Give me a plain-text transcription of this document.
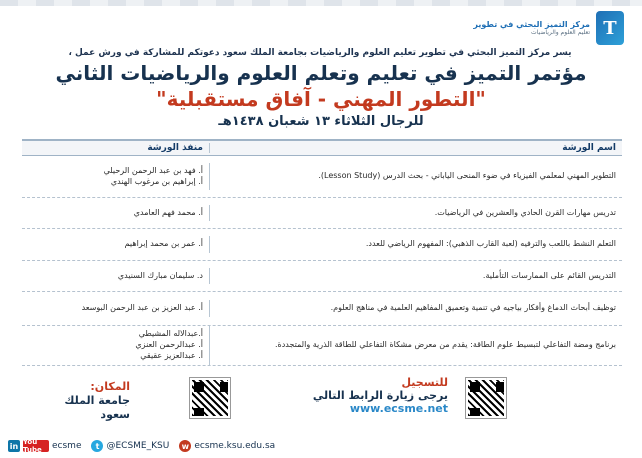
T
مركز التميز البحثي في تطوير
تعليم العلوم والرياضيات
يسر مركز التميز البحثي في تطوير تعليم العلوم والرياضيات بجامعة الملك سعود دعوتكم للمشاركة في ورش عمل ،
مؤتمر التميز في تعليم وتعلم العلوم والرياضيات الثاني
"التطور المهني - آفاق مستقبلية"
للرجال الثلاثاء ١٣ شعبان ١٤٣٨هـ
اسم الورشة
منفذ الورشة
التطوير المهني لمعلمي الفيزياء في ضوء المنحى الياباني - بحث الدرس (Lesson Study).
أ. فهد بن عبد الرحمن الرحيلي
أ. إبراهيم بن مرغوب الهندي
تدريس مهارات القرن الحادي والعشرين في الرياضيات.
أ. محمد فهم العامدي
التعلم النشط باللعب والترفيه (لعبة القارب الذهبي): المفهوم الرياضي للعدد.
أ. عمر بن محمد إبراهيم
التدريس القائم على الممارسات التأملية.
د. سليمان مبارك السنيدي
توظيف أبحاث الدماغ وأفكار بياجيه في تنمية وتعميق المفاهيم العلمية في مناهج العلوم.
أ. عبد العزيز بن عبد الرحمن البوسعد
برنامج ومضة التفاعلي لتبسيط علوم الطاقة: يقدم من معرض مشكاة التفاعلي للطاقة الذرية والمتجددة.
أ.عبدالاله المشيطي
أ. عبدالرحمن العنزي
أ. عبدالعزيز عقيقي
للتسجيل
يرجى زيارة الرابط التالي
www.ecsme.net
المكان:
جامعة الملك سعود
in You Tube	ecsme	t @ECSME_KSU w ecsme.ksu.edu.sa
